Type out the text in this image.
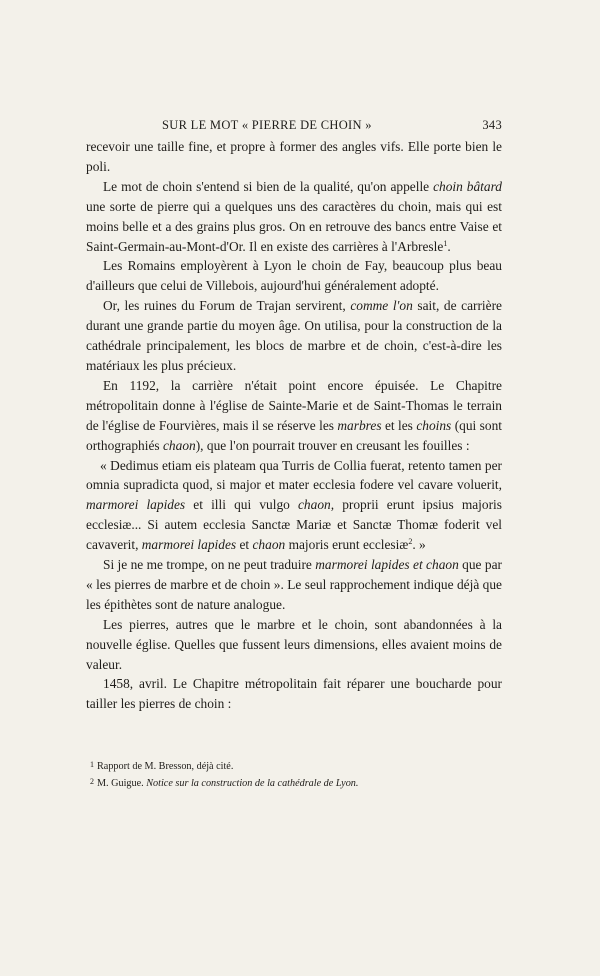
SUR LE MOT « PIERRE DE CHOIN »	343

recevoir une taille fine, et propre à former des angles vifs. Elle porte bien le poli.

Le mot de choin s'entend si bien de la qualité, qu'on appelle choin bâtard une sorte de pierre qui a quelques uns des caractères du choin, mais qui est moins belle et a des grains plus gros. On en retrouve des bancs entre Vaise et Saint-Germain-au-Mont-d'Or. Il en existe des carrières à l'Arbresle$^1$.

Les Romains employèrent à Lyon le choin de Fay, beaucoup plus beau d'ailleurs que celui de Villebois, aujourd'hui généralement adopté.

Or, les ruines du Forum de Trajan servirent, comme l'on sait, de carrière durant une grande partie du moyen âge. On utilisa, pour la construction de la cathédrale principalement, les blocs de marbre et de choin, c'est-à-dire les matériaux les plus précieux.

En 1192, la carrière n'était point encore épuisée. Le Chapitre métropolitain donne à l'église de Sainte-Marie et de Saint-Thomas le terrain de l'église de Fourvières, mais il se réserve les marbres et les choins (qui sont orthographiés chaon), que l'on pourrait trouver en creusant les fouilles :

« Dedimus etiam eis plateam qua Turris de Collia fuerat, retento tamen per omnia supradicta quod, si major et mater ecclesia fodere vel cavare voluerit, marmorei lapides et illi qui vulgo chaon, proprii erunt ipsius majoris ecclesiæ... Si autem ecclesia Sanctæ Mariæ et Sanctæ Thomæ foderit vel cavaverit, marmorei lapides et chaon majoris erunt ecclesiæ$^2$. »

Si je ne me trompe, on ne peut traduire marmorei lapides et chaon que par « les pierres de marbre et de choin ». Le seul rapprochement indique déjà que les épithètes sont de nature analogue.

Les pierres, autres que le marbre et le choin, sont abandonnées à la nouvelle église. Quelles que fussent leurs dimensions, elles avaient moins de valeur.

1458, avril. Le Chapitre métropolitain fait réparer une boucharde pour tailler les pierres de choin :

1 Rapport de M. Bresson, déjà cité.
2 M. Guigue. Notice sur la construction de la cathédrale de Lyon.
